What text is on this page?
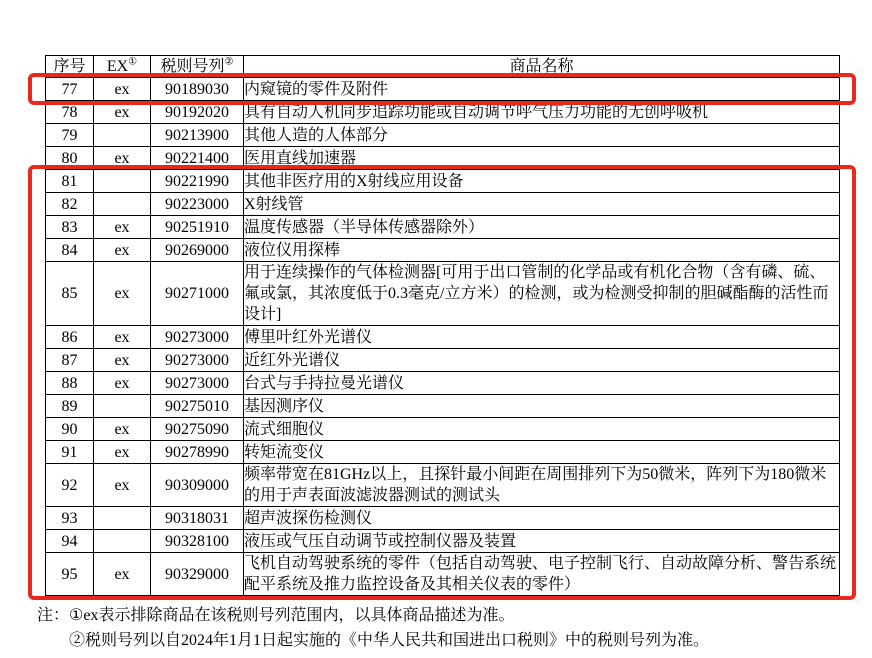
序号	EX①	税则号列②	商品名称
77	ex	90189030	内窥镜的零件及附件
78	ex	90192020	具有自动人机同步追踪功能或自动调节呼气压力功能的无创呼吸机
79		90213900	其他人造的人体部分
80	ex	90221400	医用直线加速器
81		90221990	其他非医疗用的X射线应用设备
82		90223000	X射线管
83	ex	90251910	温度传感器（半导体传感器除外）
84	ex	90269000	液位仪用探棒
85	ex	90271000	用于连续操作的气体检测器[可用于出口管制的化学品或有机化合物（含有磷、硫、氟或氯，其浓度低于0.3毫克/立方米）的检测，或为检测受抑制的胆碱酯酶的活性而设计]
86	ex	90273000	傅里叶红外光谱仪
87	ex	90273000	近红外光谱仪
88	ex	90273000	台式与手持拉曼光谱仪
89		90275010	基因测序仪
90	ex	90275090	流式细胞仪
91	ex	90278990	转矩流变仪
92	ex	90309000	频率带宽在81GHz以上，且探针最小间距在周围排列下为50微米，阵列下为180微米的用于声表面波滤波器测试的测试头
93		90318031	超声波探伤检测仪
94		90328100	液压或气压自动调节或控制仪器及装置
95	ex	90329000	飞机自动驾驶系统的零件（包括自动驾驶、电子控制飞行、自动故障分析、警告系统配平系统及推力监控设备及其相关仪表的零件）
注： ①ex表示排除商品在该税则号列范围内，以具体商品描述为准。
②税则号列以自2024年1月1日起实施的《中华人民共和国进出口税则》中的税则号列为准。
